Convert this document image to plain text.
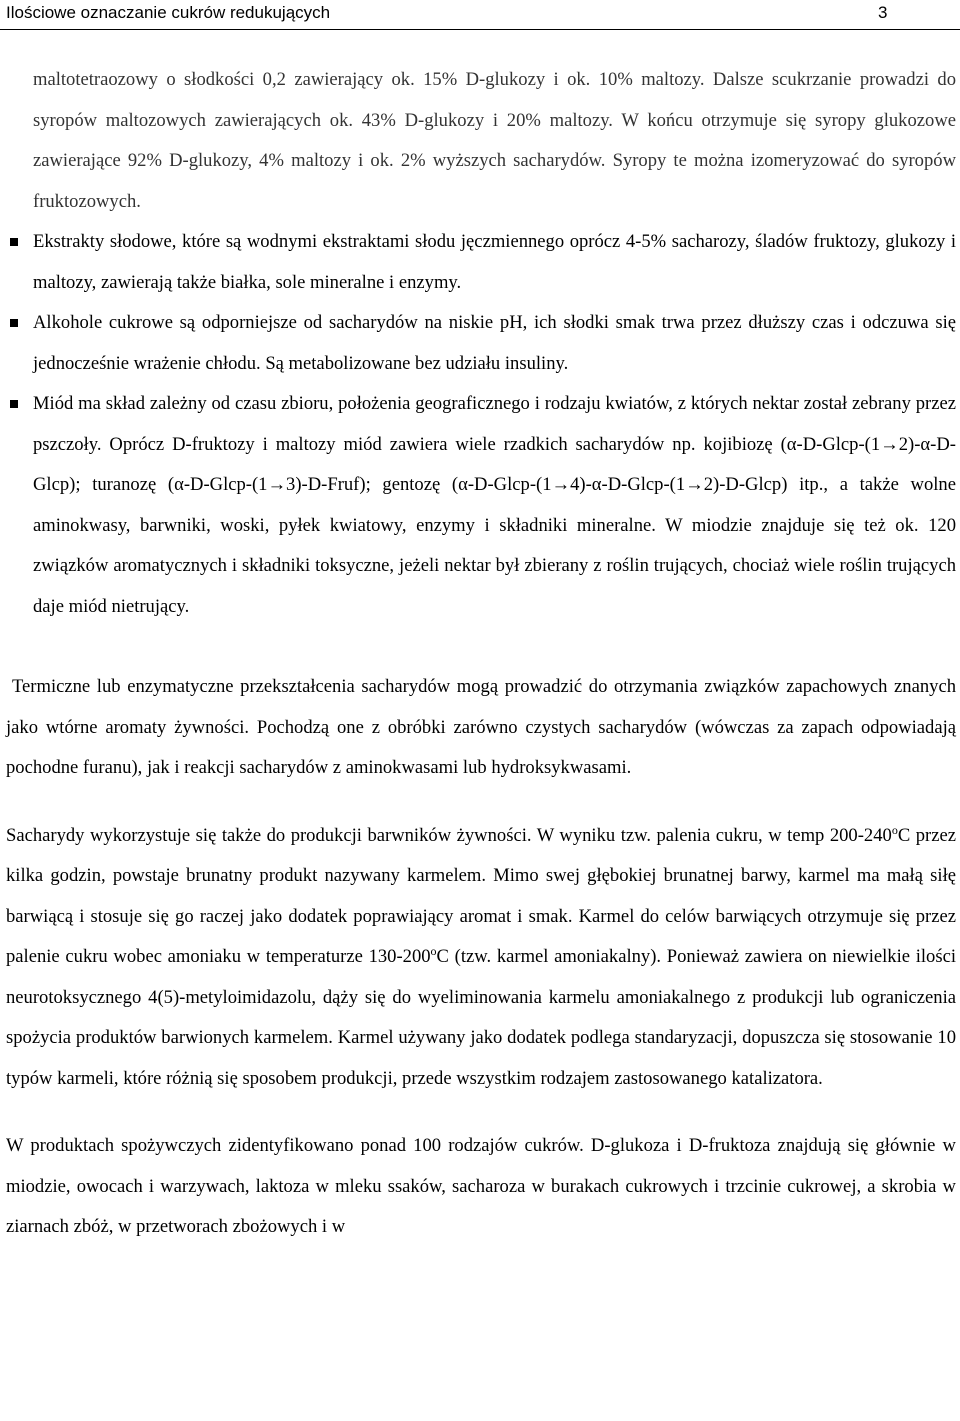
Ilościowe oznaczanie cukrów redukujących	3

maltotetraozowy o słodkości 0,2 zawierający ok. 15% D-glukozy i ok. 10% maltozy. Dalsze scukrzanie prowadzi do syropów maltozowych zawierających ok. 43% D-glukozy i 20% maltozy. W końcu otrzymuje się syropy glukozowe zawierające 92% D-glukozy, 4% maltozy i ok. 2% wyższych sacharydów. Syropy te można izomeryzować do syropów fruktozowych.

Ekstrakty słodowe, które są wodnymi ekstraktami słodu jęczmiennego oprócz 4-5% sacharozy, śladów fruktozy, glukozy i maltozy, zawierają także białka, sole mineralne i enzymy.

Alkohole cukrowe są odporniejsze od sacharydów na niskie pH, ich słodki smak trwa przez dłuższy czas i odczuwa się jednocześnie wrażenie chłodu. Są metabolizowane bez udziału insuliny.

Miód ma skład zależny od czasu zbioru, położenia geograficznego i rodzaju kwiatów, z których nektar został zebrany przez pszczoły. Oprócz D-fruktozy i maltozy miód zawiera wiele rzadkich sacharydów np. kojibiozę (α-D-Glcp-(1→2)-α-D-Glcp); turanozę (α-D-Glcp-(1→3)-D-Fruf); gentozę (α-D-Glcp-(1→4)-α-D-Glcp-(1→2)-D-Glcp) itp., a także wolne aminokwasy, barwniki, woski, pyłek kwiatowy, enzymy i składniki mineralne. W miodzie znajduje się też ok. 120 związków aromatycznych i składniki toksyczne, jeżeli nektar był zbierany z roślin trujących, chociaż wiele roślin trujących daje miód nietrujący.

Termiczne lub enzymatyczne przekształcenia sacharydów mogą prowadzić do otrzymania związków zapachowych znanych jako wtórne aromaty żywności. Pochodzą one z obróbki zarówno czystych sacharydów (wówczas za zapach odpowiadają pochodne furanu), jak i reakcji sacharydów z aminokwasami lub hydroksykwasami.

Sacharydy wykorzystuje się także do produkcji barwników żywności. W wyniku tzw. palenia cukru, w temp 200-240$^o$C przez kilka godzin, powstaje brunatny produkt nazywany karmelem. Mimo swej głębokiej brunatnej barwy, karmel ma małą siłę barwiącą i stosuje się go raczej jako dodatek poprawiający aromat i smak. Karmel do celów barwiących otrzymuje się przez palenie cukru wobec amoniaku w temperaturze 130-200$^o$C (tzw. karmel amoniakalny). Ponieważ zawiera on niewielkie ilości neurotoksycznego 4(5)-metyloimidazolu, dąży się do wyeliminowania karmelu amoniakalnego z produkcji lub ograniczenia spożycia produktów barwionych karmelem. Karmel używany jako dodatek podlega standaryzacji, dopuszcza się stosowanie 10 typów karmeli, które różnią się sposobem produkcji, przede wszystkim rodzajem zastosowanego katalizatora.

W produktach spożywczych zidentyfikowano ponad 100 rodzajów cukrów. D-glukoza i D-fruktoza znajdują się głównie w miodzie, owocach i warzywach, laktoza w mleku ssaków, sacharoza w burakach cukrowych i trzcinie cukrowej, a skrobia w ziarnach zbóż, w przetworach zbożowych i w
